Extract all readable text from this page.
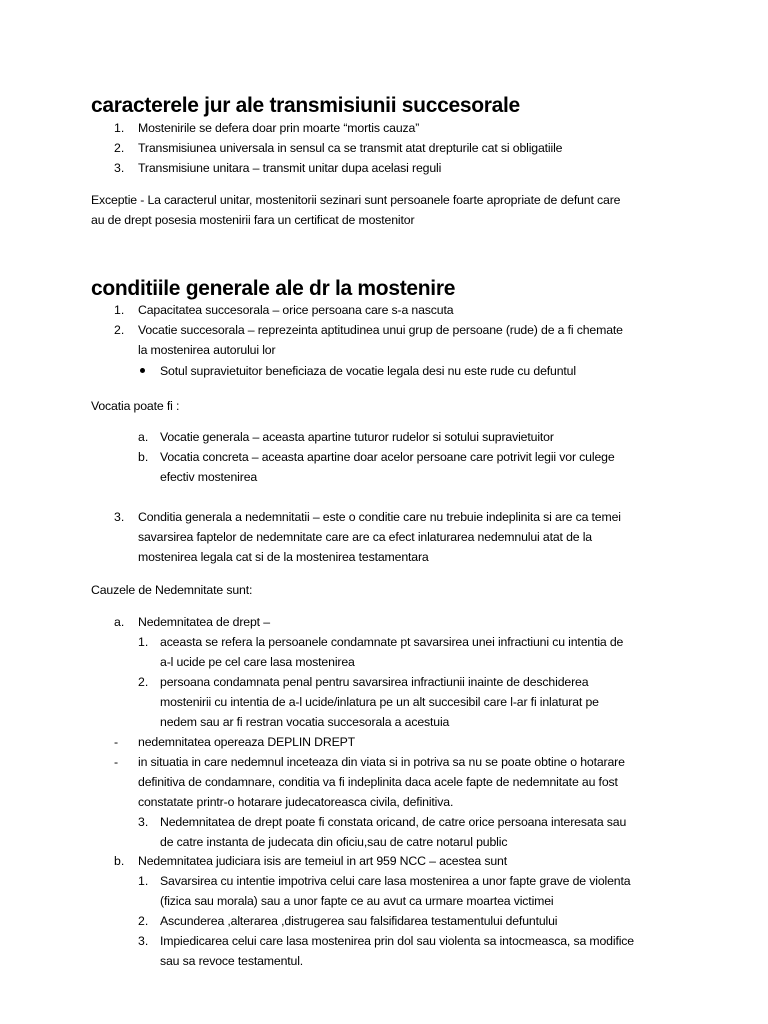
caracterele jur ale transmisiunii succesorale
1. Mostenirile se defera doar prin moarte “mortis cauza”
2. Transmisiunea universala in sensul ca se transmit atat drepturile cat si obligatiile
3. Transmisiune unitara – transmit unitar dupa acelasi reguli
Exceptie - La caracterul unitar, mostenitorii sezinari sunt persoanele foarte apropriate de defunt care
au de drept posesia mostenirii fara un certificat de mostenitor
conditiile generale ale dr la mostenire
1. Capacitatea succesorala – orice persoana care s-a nascuta
2. Vocatie succesorala – reprezeinta aptitudinea unui grup de persoane (rude) de a fi chemate
la mostenirea autorului lor
Sotul supravietuitor beneficiaza de vocatie legala desi nu este rude cu defuntul
Vocatia poate fi :
a. Vocatie generala – aceasta apartine tuturor rudelor si sotului supravietuitor
b. Vocatia concreta – aceasta apartine doar acelor persoane care potrivit legii vor culege
efectiv mostenirea
3. Conditia generala a nedemnitatii – este o conditie care nu trebuie indeplinita si are ca temei
savarsirea faptelor de nedemnitate care are ca efect inlaturarea nedemnului atat de la
mostenirea legala cat si de la mostenirea testamentara
Cauzele de Nedemnitate sunt:
a. Nedemnitatea de drept –
1. aceasta se refera la persoanele condamnate pt savarsirea unei infractiuni cu intentia de
a-l ucide pe cel care lasa mostenirea
2. persoana condamnata penal pentru savarsirea infractiunii inainte de deschiderea
mostenirii cu intentia de a-l ucide/inlatura pe un alt succesibil care l-ar fi inlaturat pe
nedem sau ar fi restran vocatia succesorala a acestuia
- nedemnitatea opereaza DEPLIN DREPT
- in situatia in care nedemnul inceteaza din viata si in potriva sa nu se poate obtine o hotarare
definitiva de condamnare, conditia va fi indeplinita daca acele fapte de nedemnitate au fost
constatate printr-o hotarare judecatoreasca civila, definitiva.
3. Nedemnitatea de drept poate fi constata oricand, de catre orice persoana interesata sau
de catre instanta de judecata din oficiu,sau de catre notarul public
b. Nedemnitatea judiciara isis are temeiul in art 959 NCC – acestea sunt
1. Savarsirea cu intentie impotriva celui care lasa mostenirea a unor fapte grave de violenta
(fizica sau morala) sau a unor fapte ce au avut ca urmare moartea victimei
2. Ascunderea ,alterarea ,distrugerea sau falsifidarea testamentului defuntului
3. Impiedicarea celui care lasa mostenirea prin dol sau violenta sa intocmeasca, sa modifice
sau sa revoce testamentul.
